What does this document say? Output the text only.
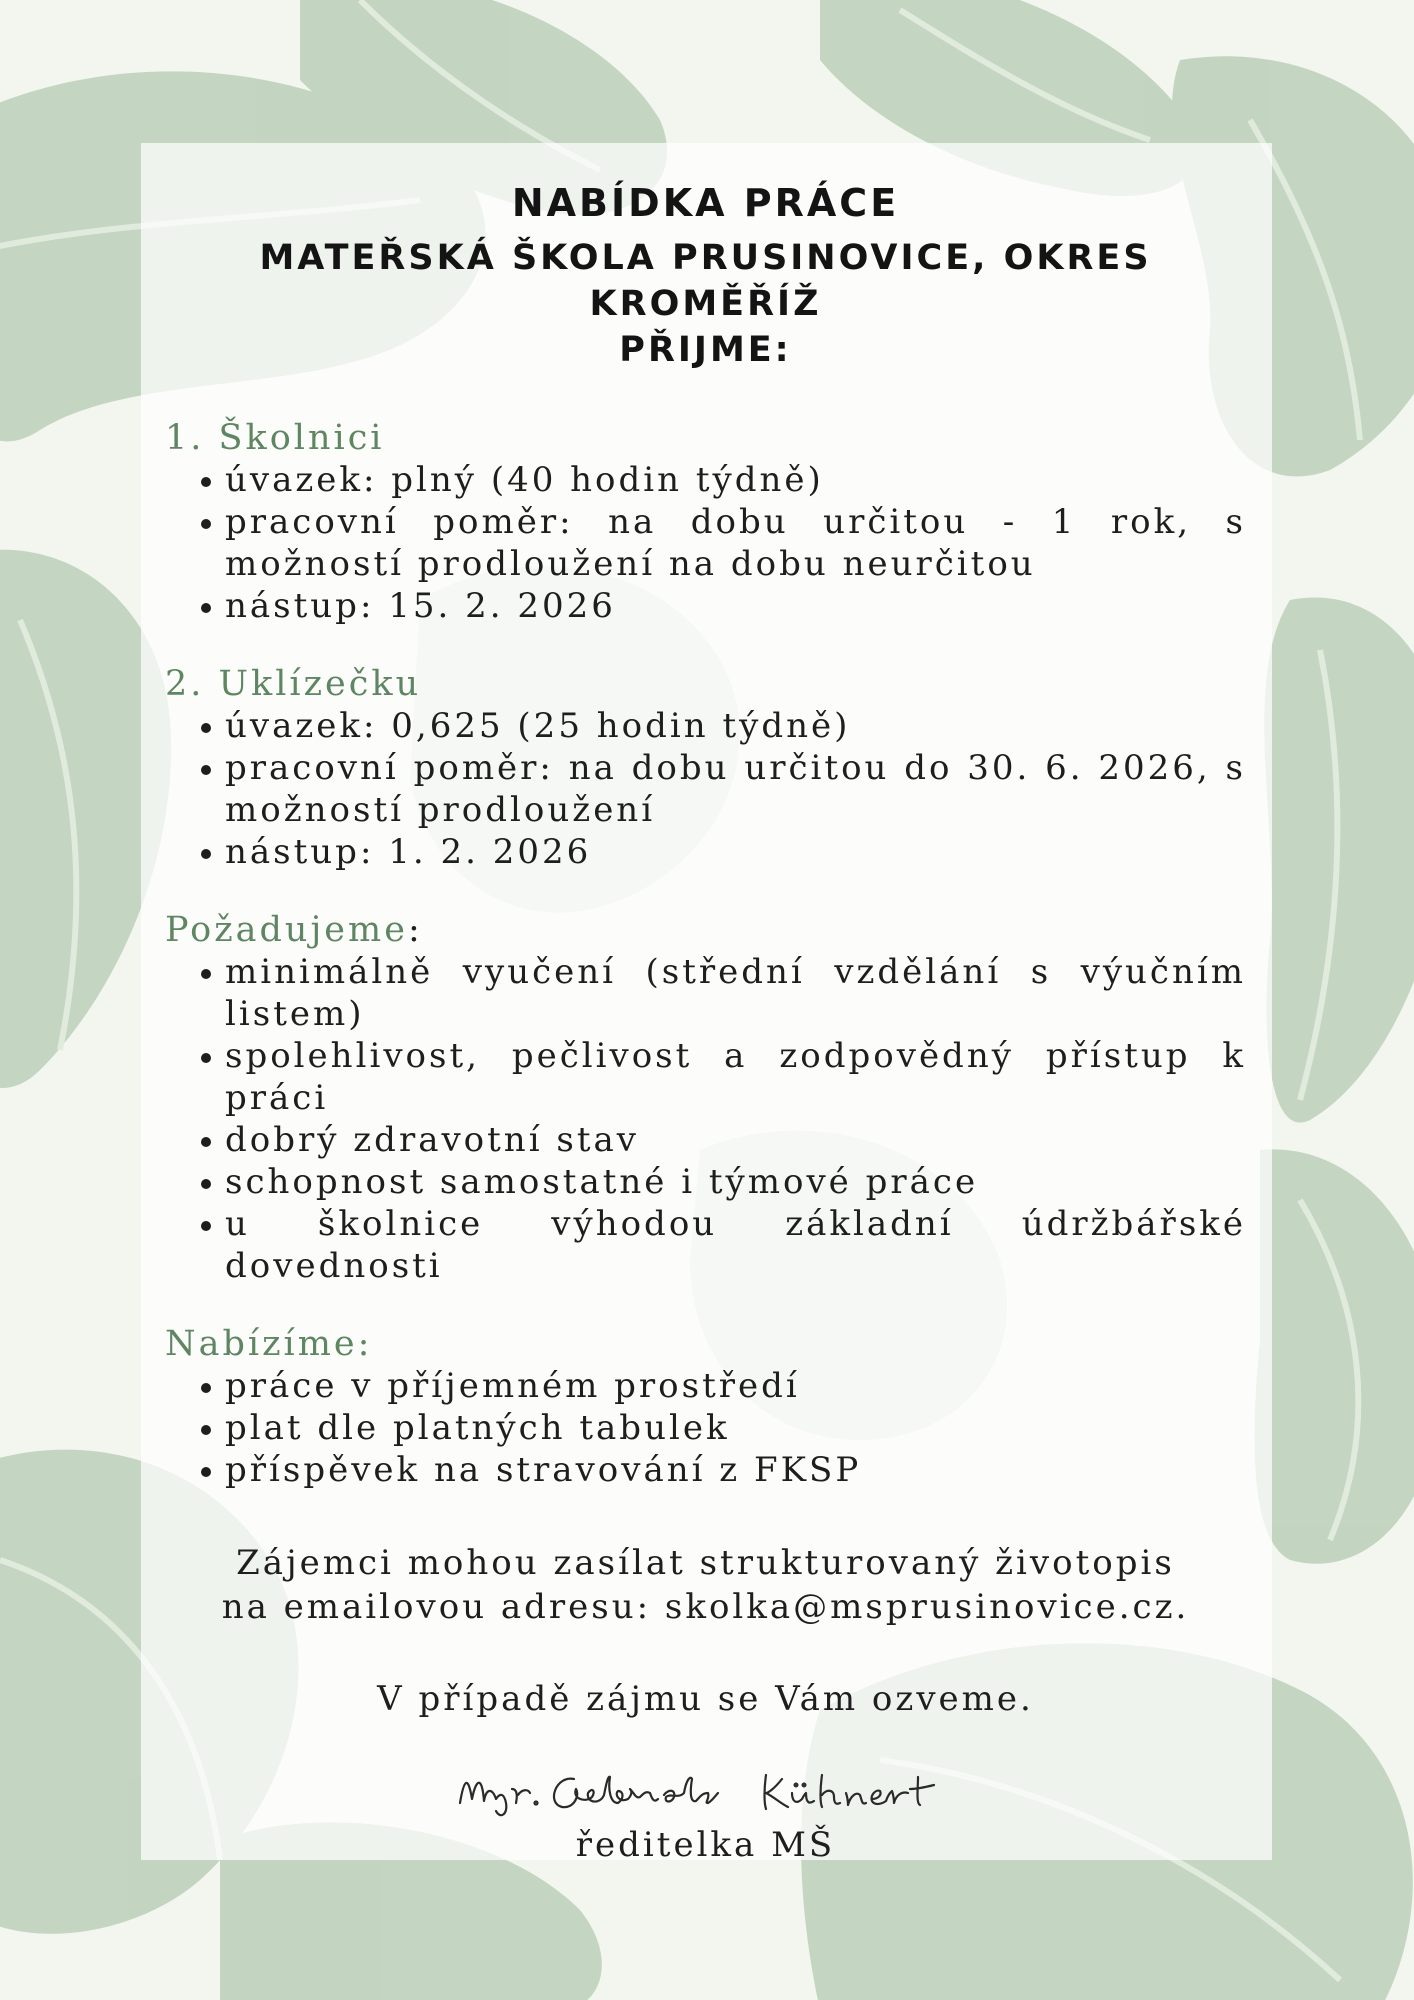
NABÍDKA PRÁCE
MATEŘSKÁ ŠKOLA PRUSINOVICE, OKRES KROMĚŘÍŽ
PŘIJME:
1. Školnici
úvazek: plný (40 hodin týdně)
pracovní poměr: na dobu určitou - 1 rok, s možností prodloužení na dobu neurčitou
nástup: 15. 2. 2026
2. Uklízečku
úvazek: 0,625 (25 hodin týdně)
pracovní poměr: na dobu určitou do 30. 6. 2026, s možností prodloužení
nástup: 1. 2. 2026
Požadujeme:
minimálně vyučení (střední vzdělání s výučním listem)
spolehlivost, pečlivost a zodpovědný přístup k práci
dobrý zdravotní stav
schopnost samostatné i týmové práce
u školnice výhodou základní údržbářské dovednosti
Nabízíme:
práce v příjemném prostředí
plat dle platných tabulek
příspěvek na stravování z FKSP
Zájemci mohou zasílat strukturovaný životopis
na emailovou adresu: skolka@msprusinovice.cz.
V případě zájmu se Vám ozveme.
ředitelka MŠ
